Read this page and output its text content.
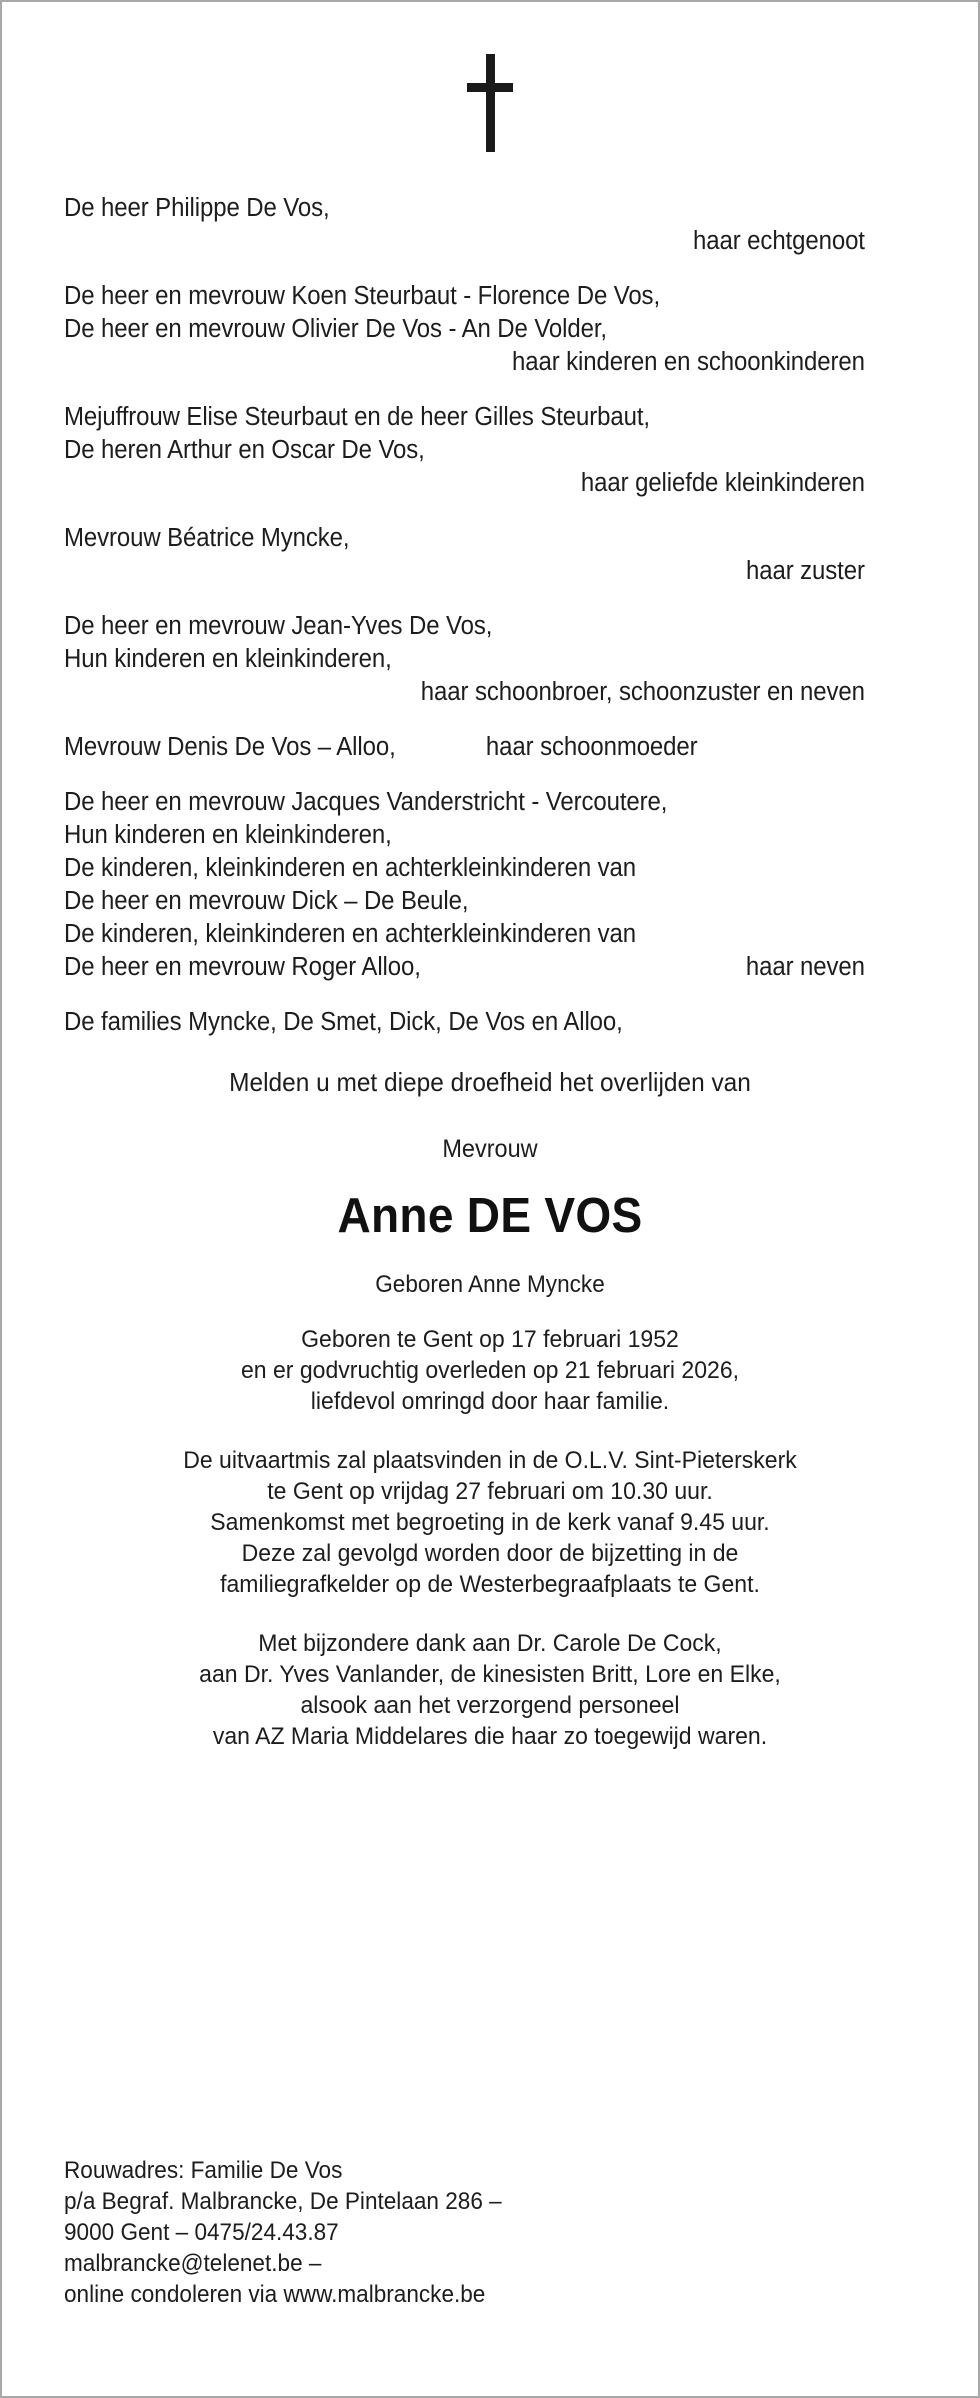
De heer Philippe De Vos,
haar echtgenoot
De heer en mevrouw Koen Steurbaut - Florence De Vos,
De heer en mevrouw Olivier De Vos - An De Volder,
haar kinderen en schoonkinderen
Mejuffrouw Elise Steurbaut en de heer Gilles Steurbaut,
De heren Arthur en Oscar De Vos,
haar geliefde kleinkinderen
Mevrouw Béatrice Myncke,
haar zuster
De heer en mevrouw Jean-Yves De Vos,
Hun kinderen en kleinkinderen,
haar schoonbroer, schoonzuster en neven
Mevrouw Denis De Vos – Alloo,	haar schoonmoeder
De heer en mevrouw Jacques Vanderstricht - Vercoutere,
Hun kinderen en kleinkinderen,
De kinderen, kleinkinderen en achterkleinkinderen van
De heer en mevrouw Dick – De Beule,
De kinderen, kleinkinderen en achterkleinkinderen van
De heer en mevrouw Roger Alloo,	haar neven
De families Myncke, De Smet, Dick, De Vos en Alloo,
Melden u met diepe droefheid het overlijden van
Mevrouw
Anne DE VOS
Geboren Anne Myncke
Geboren te Gent op 17 februari 1952
en er godvruchtig overleden op 21 februari 2026,
liefdevol omringd door haar familie.
De uitvaartmis zal plaatsvinden in de O.L.V. Sint-Pieterskerk
te Gent op vrijdag 27 februari om 10.30 uur.
Samenkomst met begroeting in de kerk vanaf 9.45 uur.
Deze zal gevolgd worden door de bijzetting in de
familiegrafkelder op de Westerbegraafplaats te Gent.
Met bijzondere dank aan Dr. Carole De Cock,
aan Dr. Yves Vanlander, de kinesisten Britt, Lore en Elke,
alsook aan het verzorgend personeel
van AZ Maria Middelares die haar zo toegewijd waren.
Rouwadres: Familie De Vos
p/a Begraf. Malbrancke, De Pintelaan 286 –
9000 Gent – 0475/24.43.87
malbrancke@telenet.be –
online condoleren via www.malbrancke.be
